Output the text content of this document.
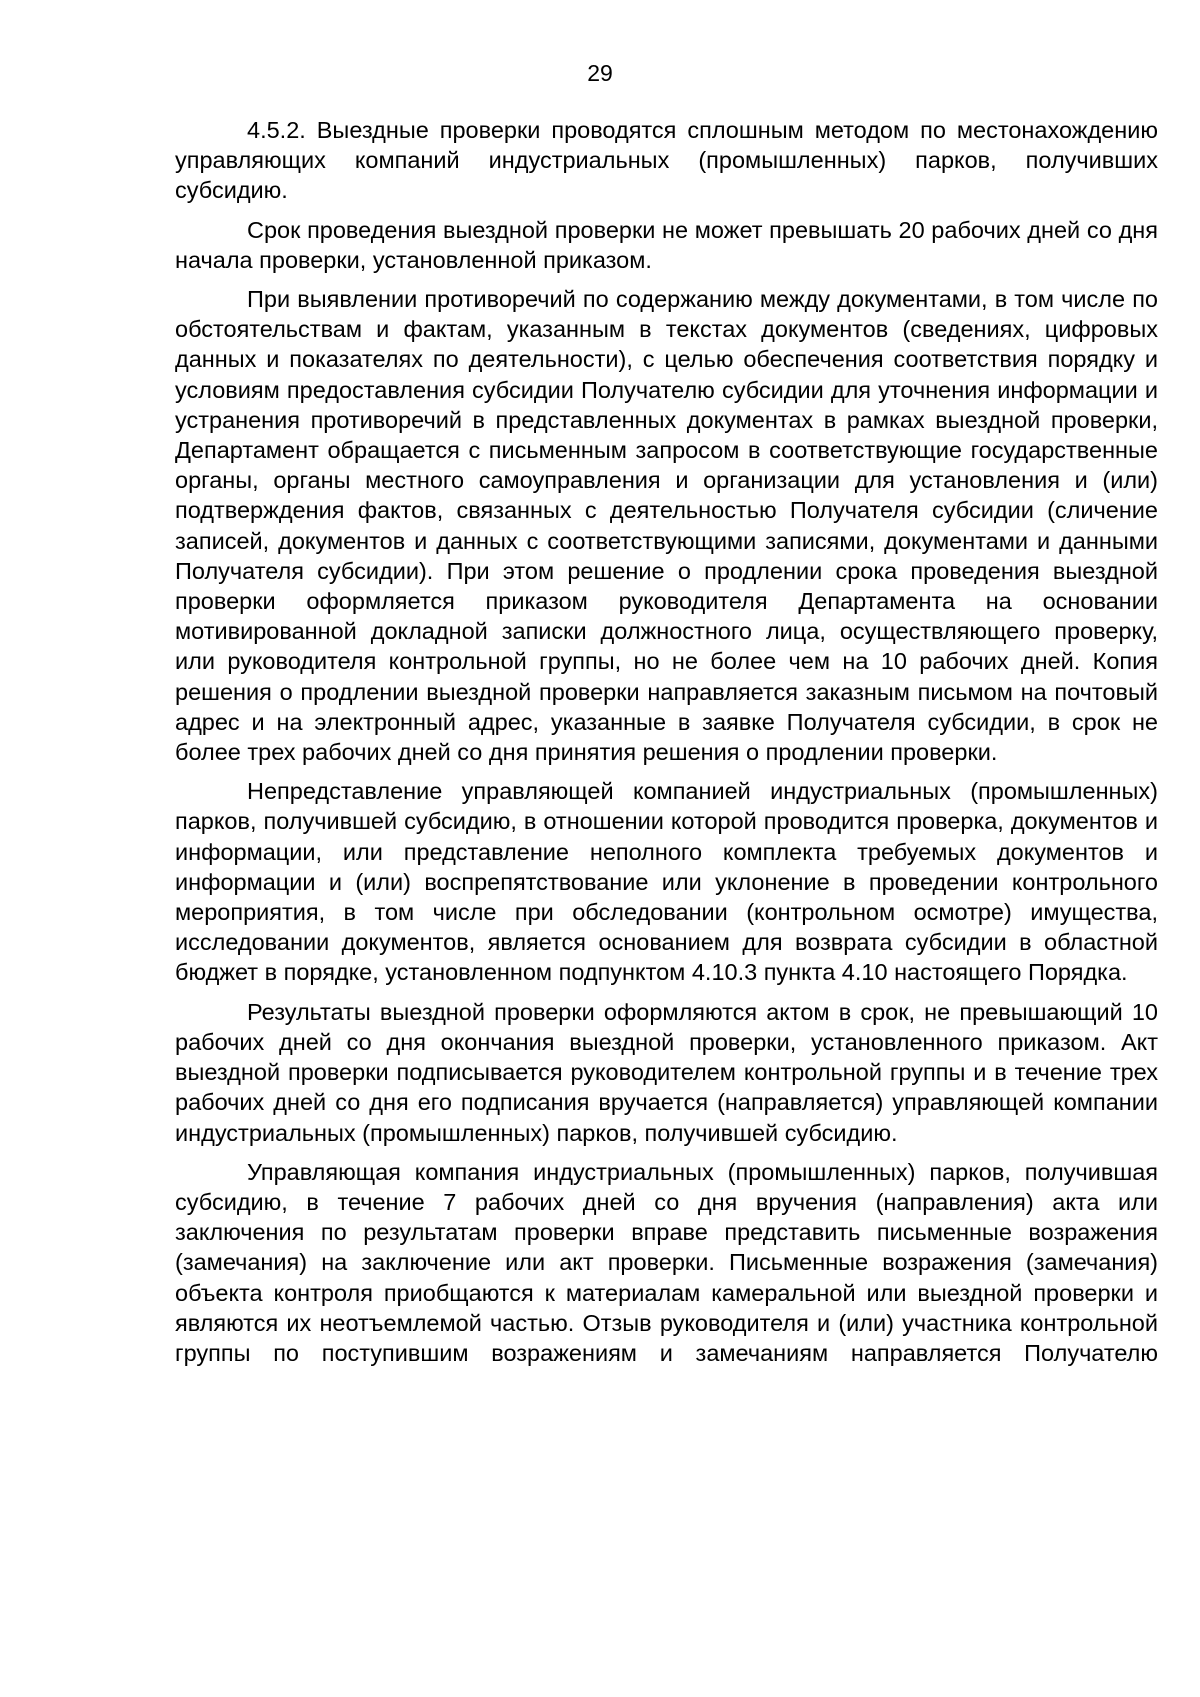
29

4.5.2. Выездные проверки проводятся сплошным методом по местонахождению управляющих компаний индустриальных (промышленных) парков, получивших субсидию.

Срок проведения выездной проверки не может превышать 20 рабочих дней со дня начала проверки, установленной приказом.

При выявлении противоречий по содержанию между документами, в том числе по обстоятельствам и фактам, указанным в текстах документов (сведениях, цифровых данных и показателях по деятельности), с целью обеспечения соответствия порядку и условиям предоставления субсидии Получателю субсидии для уточнения информации и устранения противоречий в представленных документах в рамках выездной проверки, Департамент обращается с письменным запросом в соответствующие государственные органы, органы местного самоуправления и организации для установления и (или) подтверждения фактов, связанных с деятельностью Получателя субсидии (сличение записей, документов и данных с соответствующими записями, документами и данными Получателя субсидии). При этом решение о продлении срока проведения выездной проверки оформляется приказом руководителя Департамента на основании мотивированной докладной записки должностного лица, осуществляющего проверку, или руководителя контрольной группы, но не более чем на 10 рабочих дней. Копия решения о продлении выездной проверки направляется заказным письмом на почтовый адрес и на электронный адрес, указанные в заявке Получателя субсидии, в срок не более трех рабочих дней со дня принятия решения о продлении проверки.

Непредставление управляющей компанией индустриальных (промышленных) парков, получившей субсидию, в отношении которой проводится проверка, документов и информации, или представление неполного комплекта требуемых документов и информации и (или) воспрепятствование или уклонение в проведении контрольного мероприятия, в том числе при обследовании (контрольном осмотре) имущества, исследовании документов, является основанием для возврата субсидии в областной бюджет в порядке, установленном подпунктом 4.10.3 пункта 4.10 настоящего Порядка.

Результаты выездной проверки оформляются актом в срок, не превышающий 10 рабочих дней со дня окончания выездной проверки, установленного приказом. Акт выездной проверки подписывается руководителем контрольной группы и в течение трех рабочих дней со дня его подписания вручается (направляется) управляющей компании индустриальных (промышленных) парков, получившей субсидию.

Управляющая компания индустриальных (промышленных) парков, получившая субсидию, в течение 7 рабочих дней со дня вручения (направления) акта или заключения по результатам проверки вправе представить письменные возражения (замечания) на заключение или акт проверки. Письменные возражения (замечания) объекта контроля приобщаются к материалам камеральной или выездной проверки и являются их неотъемлемой частью. Отзыв руководителя и (или) участника контрольной группы по поступившим возражениям и замечаниям направляется Получателю
